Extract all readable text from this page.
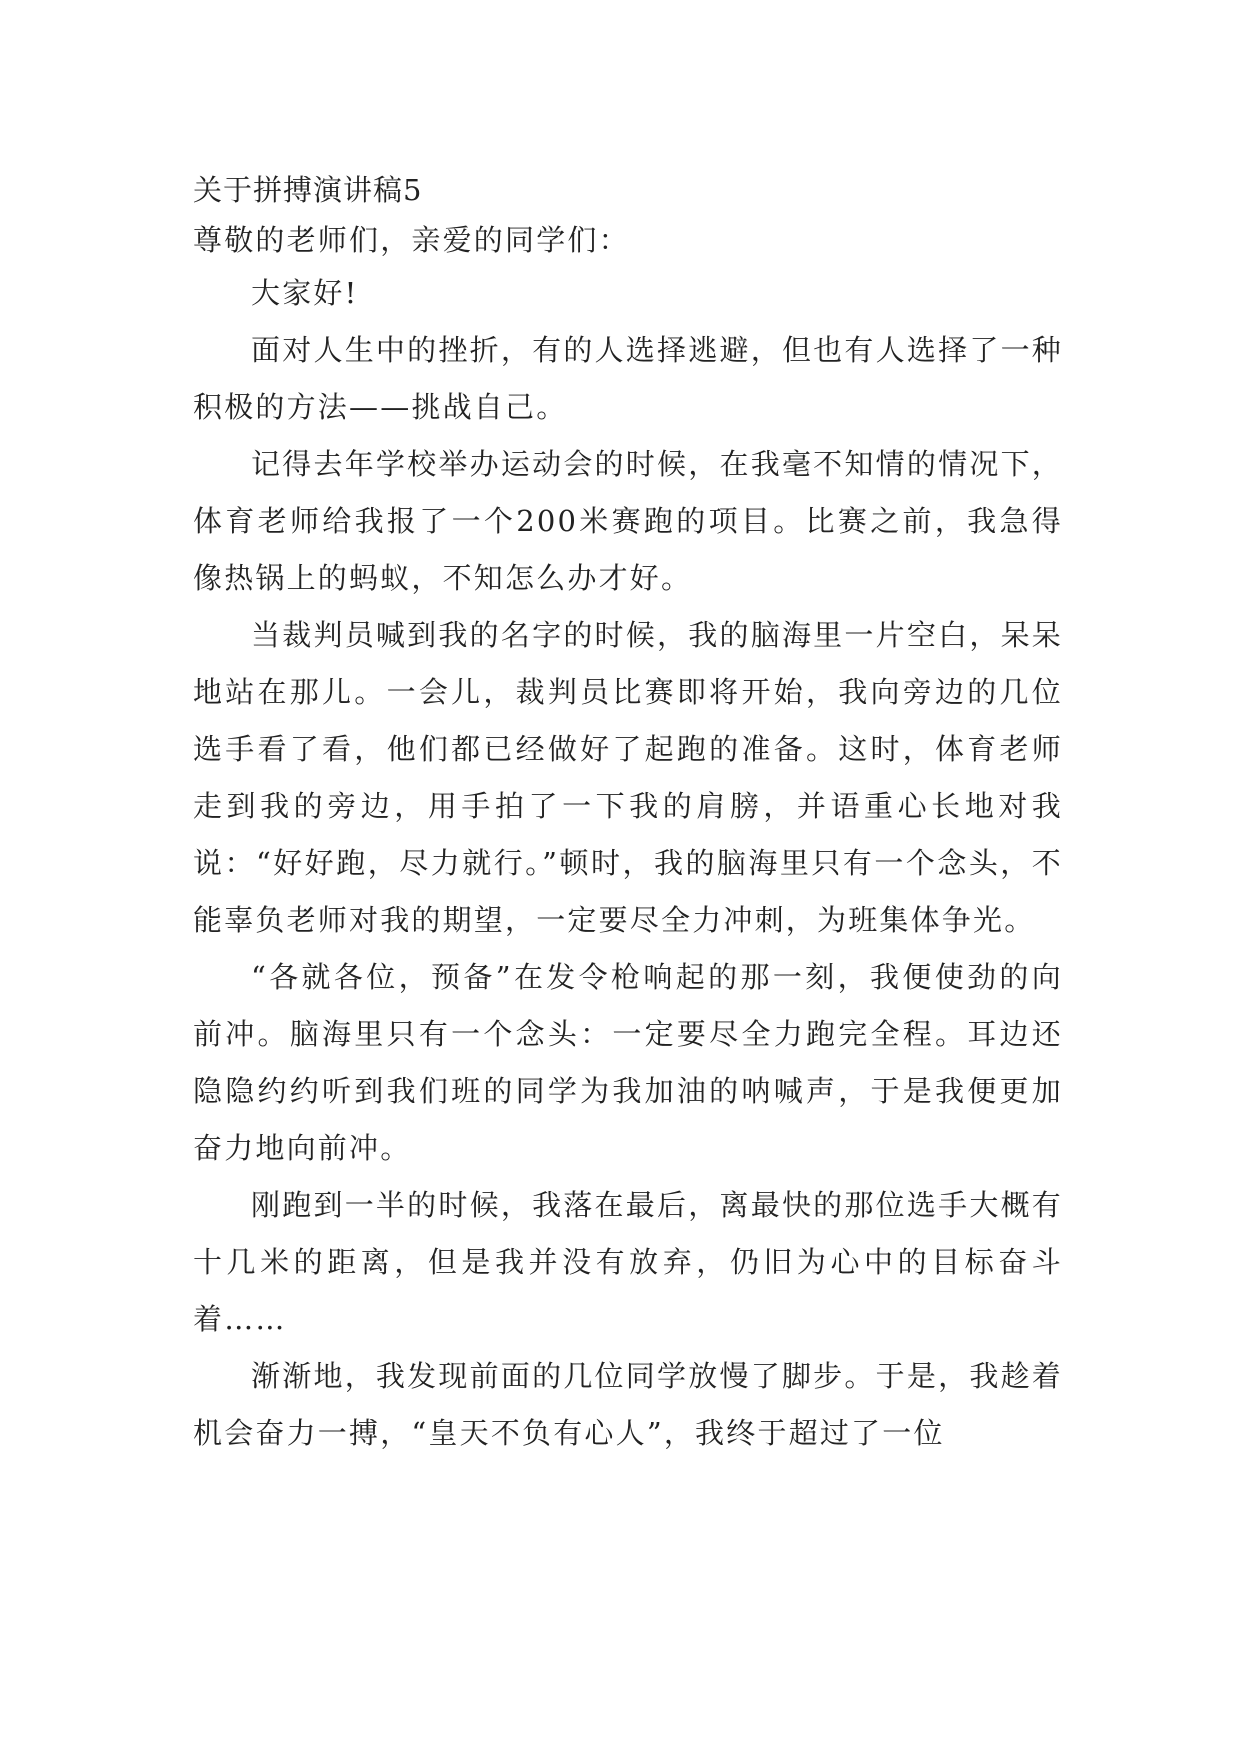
关于拼搏演讲稿5

尊敬的老师们，亲爱的同学们：

大家好!

面对人生中的挫折，有的人选择逃避，但也有人选择了一种积极的方法——挑战自己。

记得去年学校举办运动会的时候，在我毫不知情的情况下，体育老师给我报了一个200米赛跑的项目。比赛之前，我急得像热锅上的蚂蚁，不知怎么办才好。

当裁判员喊到我的名字的时候，我的脑海里一片空白，呆呆地站在那儿。一会儿，裁判员比赛即将开始，我向旁边的几位选手看了看，他们都已经做好了起跑的准备。这时，体育老师走到我的旁边，用手拍了一下我的肩膀，并语重心长地对我说：“好好跑，尽力就行。”顿时，我的脑海里只有一个念头，不能辜负老师对我的期望，一定要尽全力冲刺，为班集体争光。

“各就各位，预备”在发令枪响起的那一刻，我便使劲的向前冲。脑海里只有一个念头：一定要尽全力跑完全程。耳边还隐隐约约听到我们班的同学为我加油的呐喊声，于是我便更加奋力地向前冲。

刚跑到一半的时候，我落在最后，离最快的那位选手大概有十几米的距离，但是我并没有放弃，仍旧为心中的目标奋斗着……

渐渐地，我发现前面的几位同学放慢了脚步。于是，我趁着机会奋力一搏，“皇天不负有心人”，我终于超过了一位
